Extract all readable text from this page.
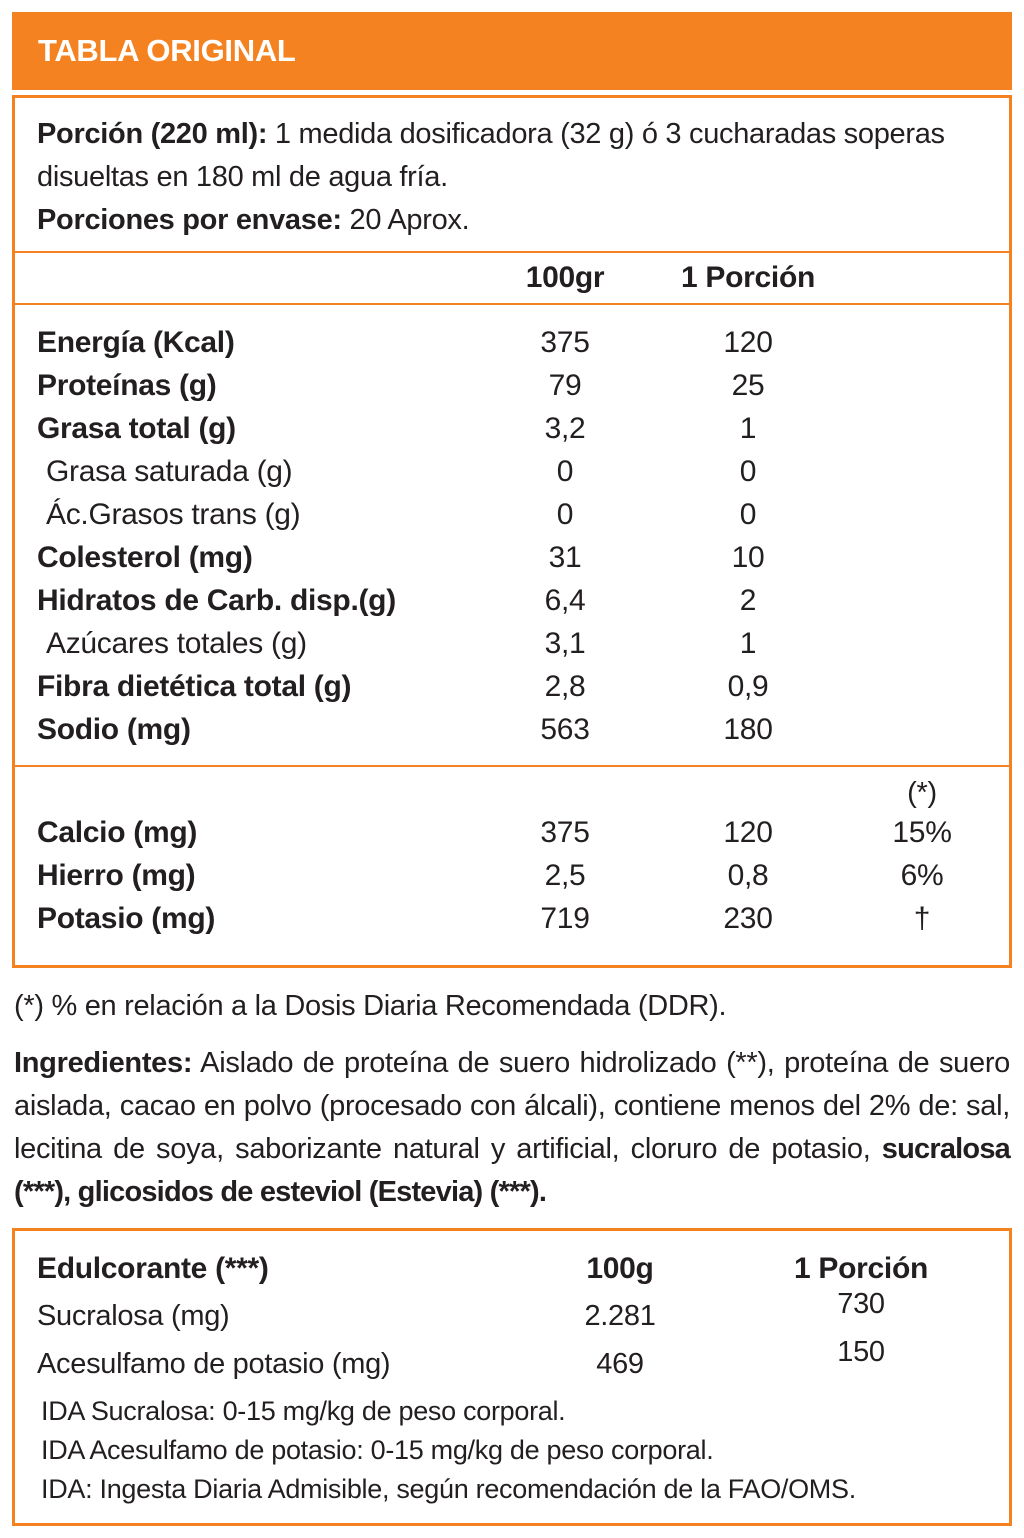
TABLA ORIGINAL

Porción (220 ml): 1 medida dosificadora (32 g) ó 3 cucharadas soperas disueltas en 180 ml de agua fría.

Porciones por envase: 20 Aprox.

100gr	1 Porción
Energía (Kcal)	375	120
Proteínas (g)	79	25
Grasa total (g)	3,2	1
Grasa saturada (g)	0	0
Ác.Grasos trans (g)	0	0
Colesterol (mg)	31	10
Hidratos de Carb. disp.(g)	6,4	2
Azúcares totales (g)	3,1	1
Fibra dietética total (g)	2,8	0,9
Sodio (mg)	563	180
(*)
Calcio (mg)	375	120	15%
Hierro (mg)	2,5	0,8	6%
Potasio (mg)	719	230	†

(*) % en relación a la Dosis Diaria Recomendada (DDR).

Ingredientes: Aislado de proteína de suero hidrolizado (**), proteína de suero aislada, cacao en polvo (procesado con álcali), contiene menos del 2% de: sal, lecitina de soya, saborizante natural y artificial, cloruro de potasio, sucralosa (***), glicosidos de esteviol (Estevia) (***).

Edulcorante (***)	100g	1 Porción
Sucralosa (mg)	2.281	730
Acesulfamo de potasio (mg)	469	150

IDA Sucralosa: 0-15 mg/kg de peso corporal.

IDA Acesulfamo de potasio: 0-15 mg/kg de peso corporal.

IDA: Ingesta Diaria Admisible, según recomendación de la FAO/OMS.
